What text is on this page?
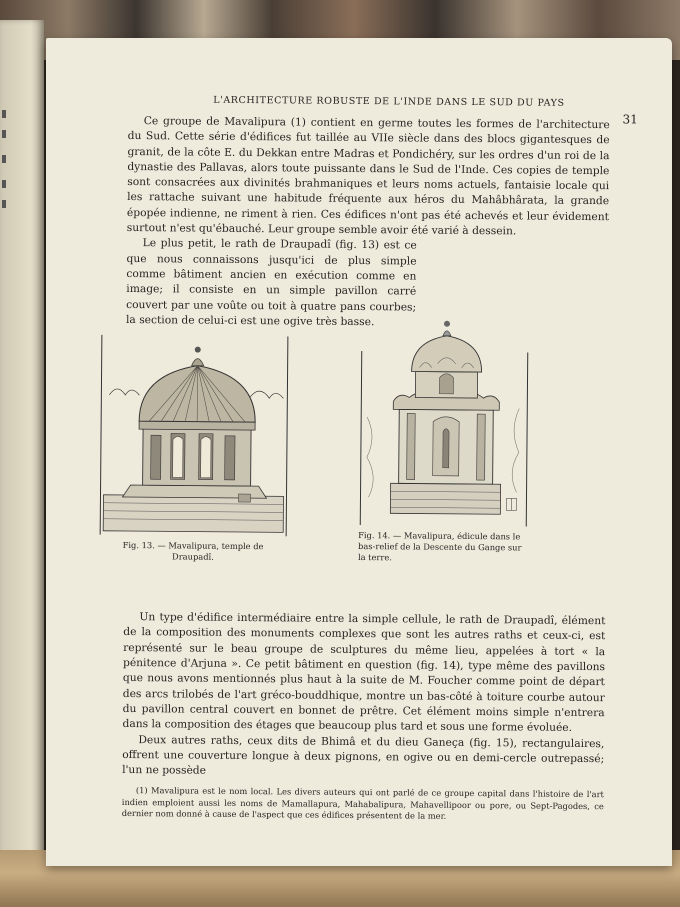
L'ARCHITECTURE ROBUSTE DE L'INDE DANS LE SUD DU PAYS
31

Ce groupe de Mavalipura (1) contient en germe toutes les formes de l'architecture du Sud. Cette série d'édifices fut taillée au VIIe siècle dans des blocs gigantesques de granit, de la côte E. du Dekkan entre Madras et Pondichéry, sur les ordres d'un roi de la dynastie des Pallavas, alors toute puissante dans le Sud de l'Inde. Ces copies de temple sont consacrées aux divinités brahmaniques et leurs noms actuels, fantaisie locale qui les rattache suivant une habitude fréquente aux héros du Mahâbhârata, la grande épopée indienne, ne riment à rien. Ces édifices n'ont pas été achevés et leur évidement surtout n'est qu'ébauché. Leur groupe semble avoir été varié à dessein.

Le plus petit, le rath de Draupadî (fig. 13) est ce que nous connaissons jusqu'ici de plus simple comme bâtiment ancien en exécution comme en image; il consiste en un simple pavillon carré couvert par une voûte ou toit à quatre pans courbes; la section de celui-ci est une ogive très basse.

Fig. 13. — Mavalipura, temple de Draupadî.
Fig. 14. — Mavalipura, édicule dans le bas-relief de la Descente du Gange sur la terre.

Un type d'édifice intermédiaire entre la simple cellule, le rath de Draupadî, élément de la composition des monuments complexes que sont les autres raths et ceux-ci, est représenté sur le beau groupe de sculptures du même lieu, appelées à tort « la pénitence d'Arjuna ». Ce petit bâtiment en question (fig. 14), type même des pavillons que nous avons mentionnés plus haut à la suite de M. Foucher comme point de départ des arcs trilobés de l'art gréco-bouddhique, montre un bas-côté à toiture courbe autour du pavillon central couvert en bonnet de prêtre. Cet élément moins simple n'entrera dans la composition des étages que beaucoup plus tard et sous une forme évoluée.

Deux autres raths, ceux dits de Bhimâ et du dieu Ganeça (fig. 15), rectangulaires, offrent une couverture longue à deux pignons, en ogive ou en demi-cercle outrepassé; l'un ne possède

(1) Mavalipura est le nom local. Les divers auteurs qui ont parlé de ce groupe capital dans l'histoire de l'art indien emploient aussi les noms de Mamallapura, Mahabalipura, Mahavellipoor ou pore, ou Sept-Pagodes, ce dernier nom donné à cause de l'aspect que ces édifices présentent de la mer.
